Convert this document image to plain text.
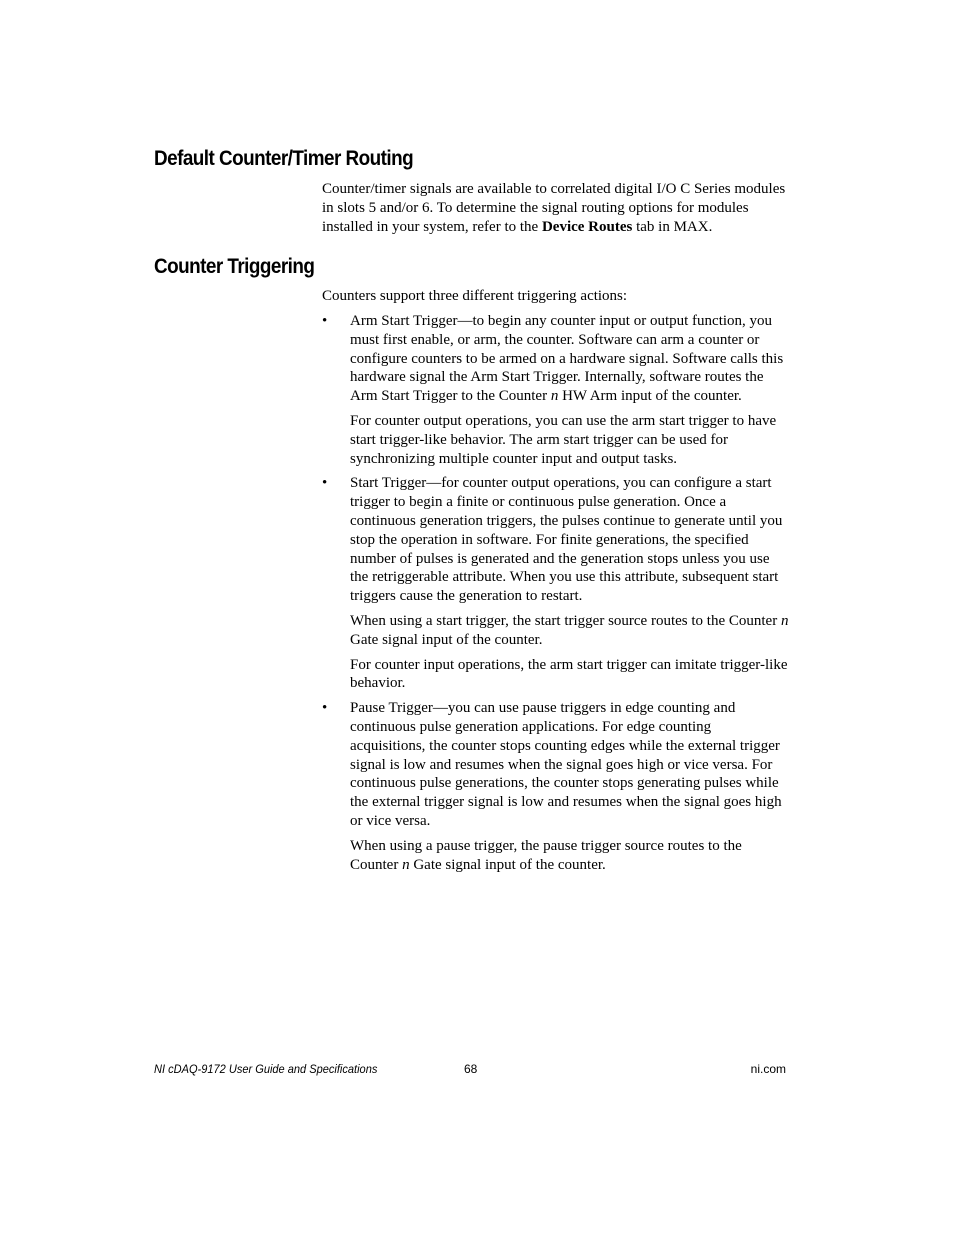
Default Counter/Timer Routing

Counter/timer signals are available to correlated digital I/O C Series modules in slots 5 and/or 6. To determine the signal routing options for modules installed in your system, refer to the Device Routes tab in MAX.

Counter Triggering

Counters support three different triggering actions:

• Arm Start Trigger—to begin any counter input or output function, you must first enable, or arm, the counter. Software can arm a counter or configure counters to be armed on a hardware signal. Software calls this hardware signal the Arm Start Trigger. Internally, software routes the Arm Start Trigger to the Counter n HW Arm input of the counter.

For counter output operations, you can use the arm start trigger to have start trigger-like behavior. The arm start trigger can be used for synchronizing multiple counter input and output tasks.

• Start Trigger—for counter output operations, you can configure a start trigger to begin a finite or continuous pulse generation. Once a continuous generation triggers, the pulses continue to generate until you stop the operation in software. For finite generations, the specified number of pulses is generated and the generation stops unless you use the retriggerable attribute. When you use this attribute, subsequent start triggers cause the generation to restart.

When using a start trigger, the start trigger source routes to the Counter n Gate signal input of the counter.

For counter input operations, the arm start trigger can imitate trigger-like behavior.

• Pause Trigger—you can use pause triggers in edge counting and continuous pulse generation applications. For edge counting acquisitions, the counter stops counting edges while the external trigger signal is low and resumes when the signal goes high or vice versa. For continuous pulse generations, the counter stops generating pulses while the external trigger signal is low and resumes when the signal goes high or vice versa.

When using a pause trigger, the pause trigger source routes to the Counter n Gate signal input of the counter.

NI cDAQ-9172 User Guide and Specifications	68	ni.com
